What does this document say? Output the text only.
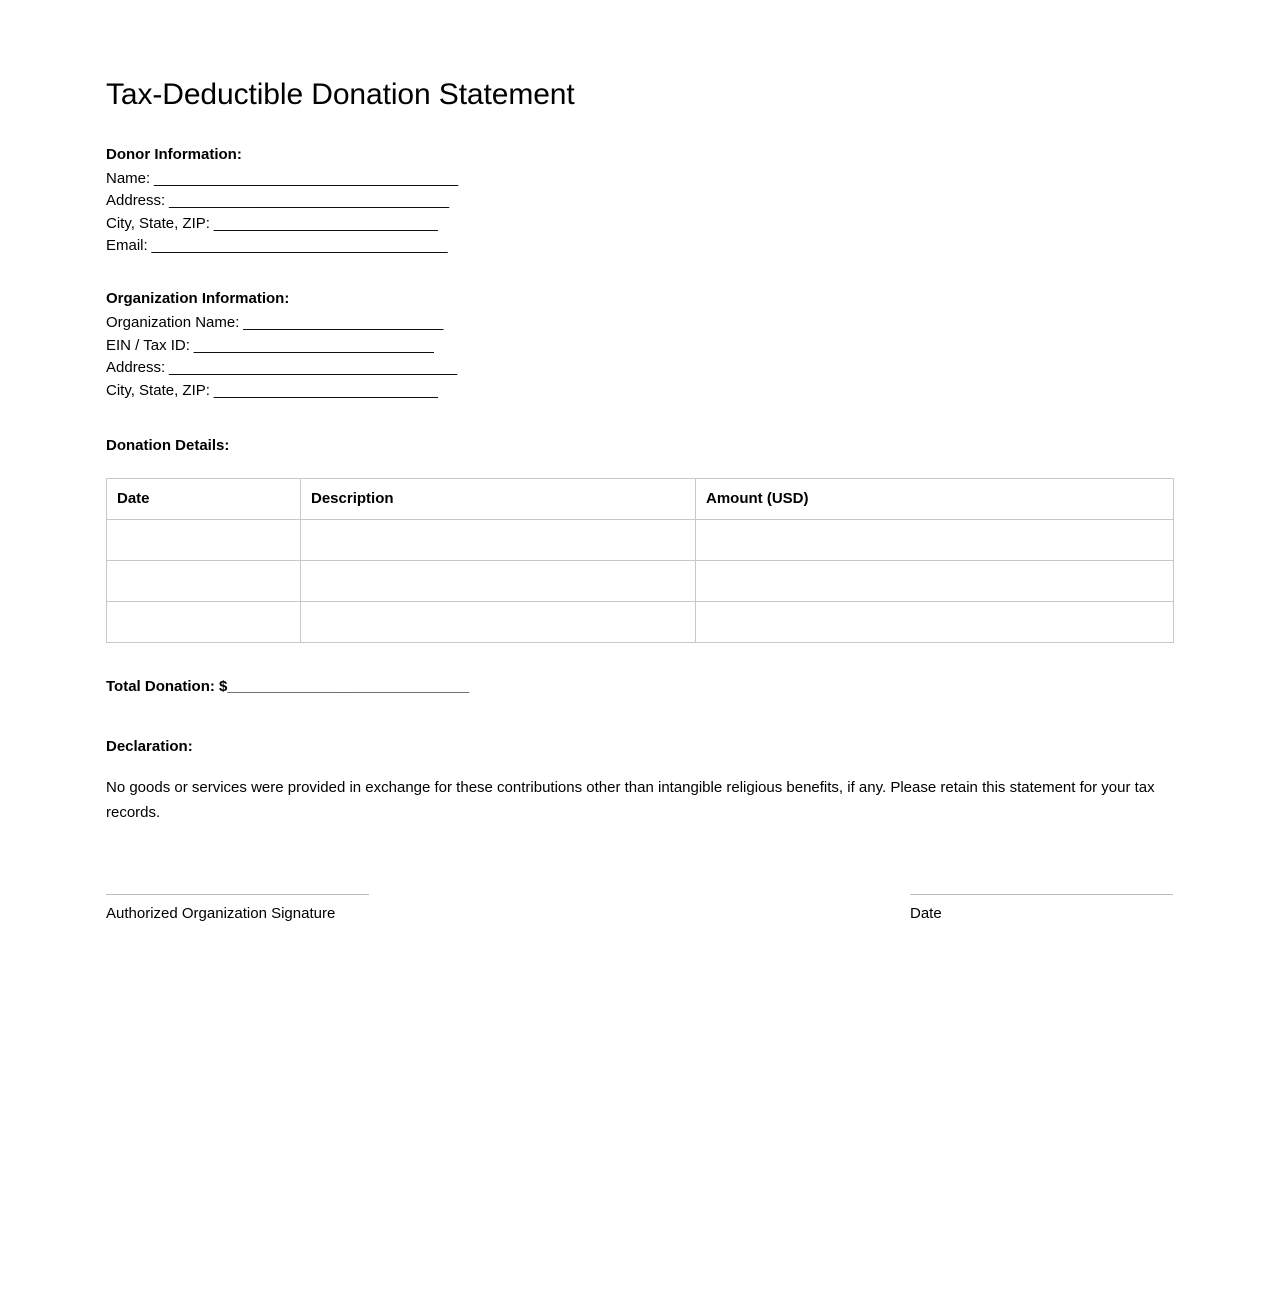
Tax-Deductible Donation Statement
Donor Information:
Name: ______________________________________
Address: ___________________________________
City, State, ZIP: ____________________________
Email: _____________________________________
Organization Information:
Organization Name: _________________________
EIN / Tax ID: ______________________________
Address: ____________________________________
City, State, ZIP: ____________________________
Donation Details:
Date	Description	Amount (USD)

Total Donation: $______________________________
Declaration:

No goods or services were provided in exchange for these contributions other than intangible religious benefits, if any. Please retain this statement for your tax records.

Authorized Organization Signature	Date
